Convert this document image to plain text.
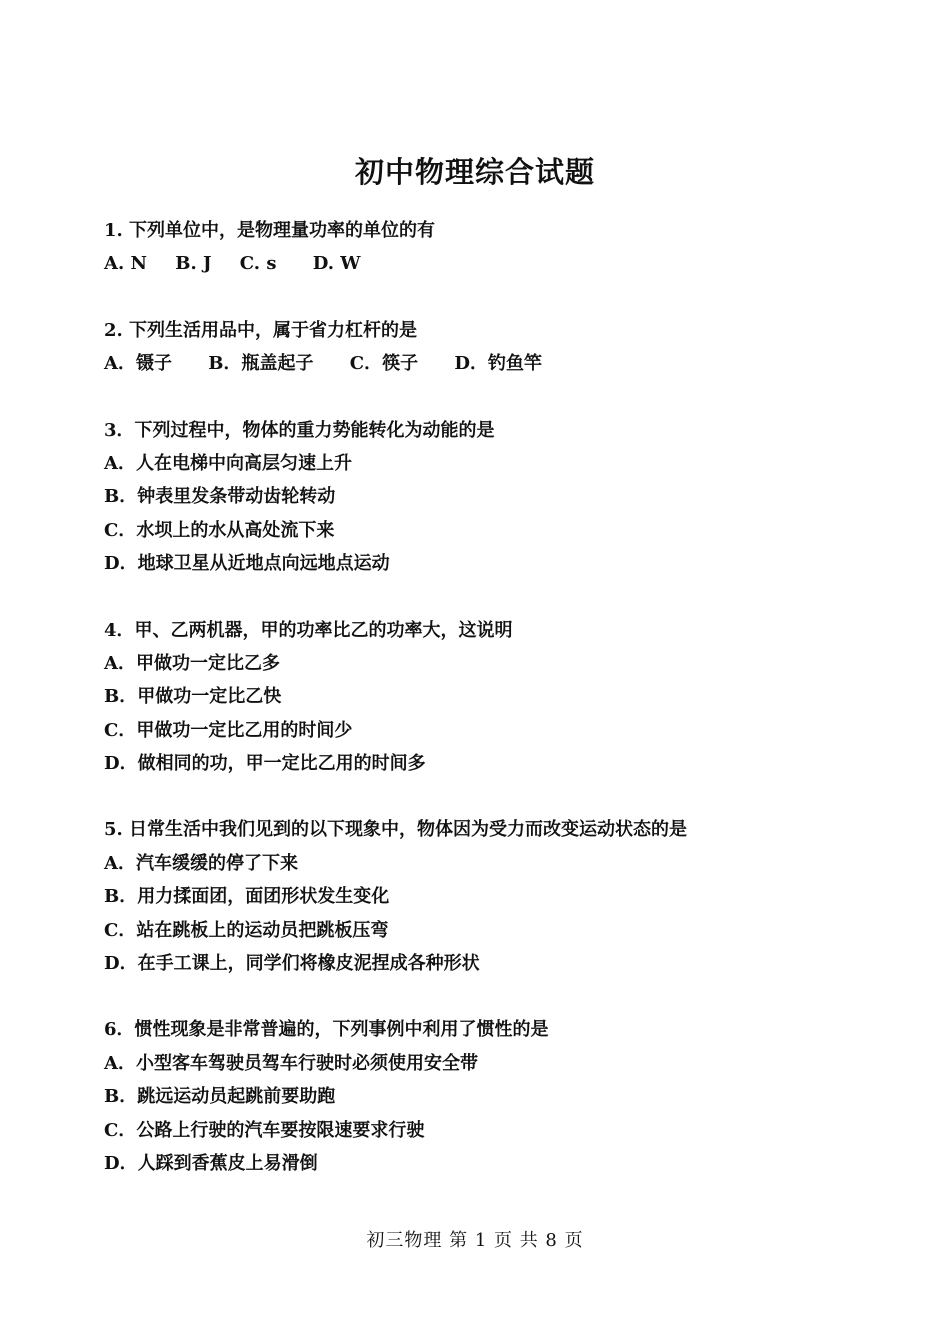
初中物理综合试题
1. 下列单位中，是物理量功率的单位的有
A. N B. J C. s D. W
2. 下列生活用品中，属于省力杠杆的是
A．镊子 B．瓶盖起子 C．筷子 D．钓鱼竿
3．下列过程中，物体的重力势能转化为动能的是
A．人在电梯中向高层匀速上升
B．钟表里发条带动齿轮转动
C．水坝上的水从高处流下来
D．地球卫星从近地点向远地点运动
4．甲、乙两机器，甲的功率比乙的功率大，这说明
A．甲做功一定比乙多
B．甲做功一定比乙快
C．甲做功一定比乙用的时间少
D．做相同的功，甲一定比乙用的时间多
5. 日常生活中我们见到的以下现象中，物体因为受力而改变运动状态的是
A．汽车缓缓的停了下来
B．用力揉面团，面团形状发生变化
C．站在跳板上的运动员把跳板压弯
D．在手工课上，同学们将橡皮泥捏成各种形状
6．惯性现象是非常普遍的，下列事例中利用了惯性的是
A．小型客车驾驶员驾车行驶时必须使用安全带
B．跳远运动员起跳前要助跑
C．公路上行驶的汽车要按限速要求行驶
D．人踩到香蕉皮上易滑倒
初三物理 第 1 页 共 8 页
